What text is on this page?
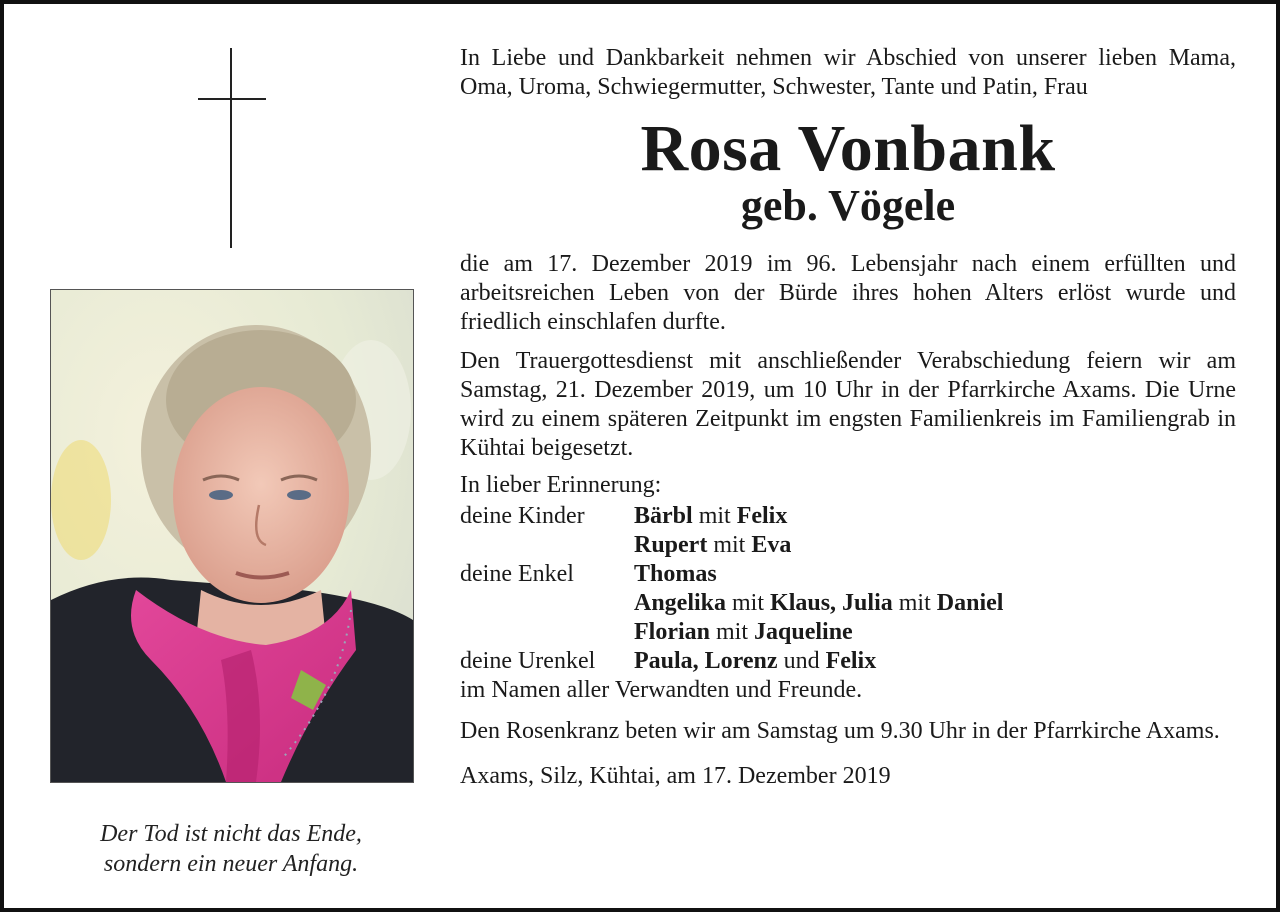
Der Tod ist nicht das Ende,
sondern ein neuer Anfang.

In Liebe und Dankbarkeit nehmen wir Abschied von unserer lieben Mama, Oma, Uroma, Schwiegermutter, Schwester, Tante und Patin, Frau

Rosa Vonbank
geb. Vögele

die am 17. Dezember 2019 im 96. Lebensjahr nach einem erfüllten und arbeitsreichen Leben von der Bürde ihres hohen Alters erlöst wurde und friedlich einschlafen durfte.

Den Trauergottesdienst mit anschließender Verabschiedung feiern wir am Samstag, 21. Dezember 2019, um 10 Uhr in der Pfarrkirche Axams. Die Urne wird zu einem späteren Zeitpunkt im engsten Familienkreis im Familiengrab in Kühtai beigesetzt.

In lieber Erinnerung:

deine Kinder	Bärbl mit Felix
Rupert mit Eva
deine Enkel	Thomas
Angelika mit Klaus, Julia mit Daniel
Florian mit Jaqueline
deine Urenkel	Paula, Lorenz und Felix

im Namen aller Verwandten und Freunde.

Den Rosenkranz beten wir am Samstag um 9.30 Uhr in der Pfarrkirche Axams.

Axams, Silz, Kühtai, am 17. Dezember 2019
